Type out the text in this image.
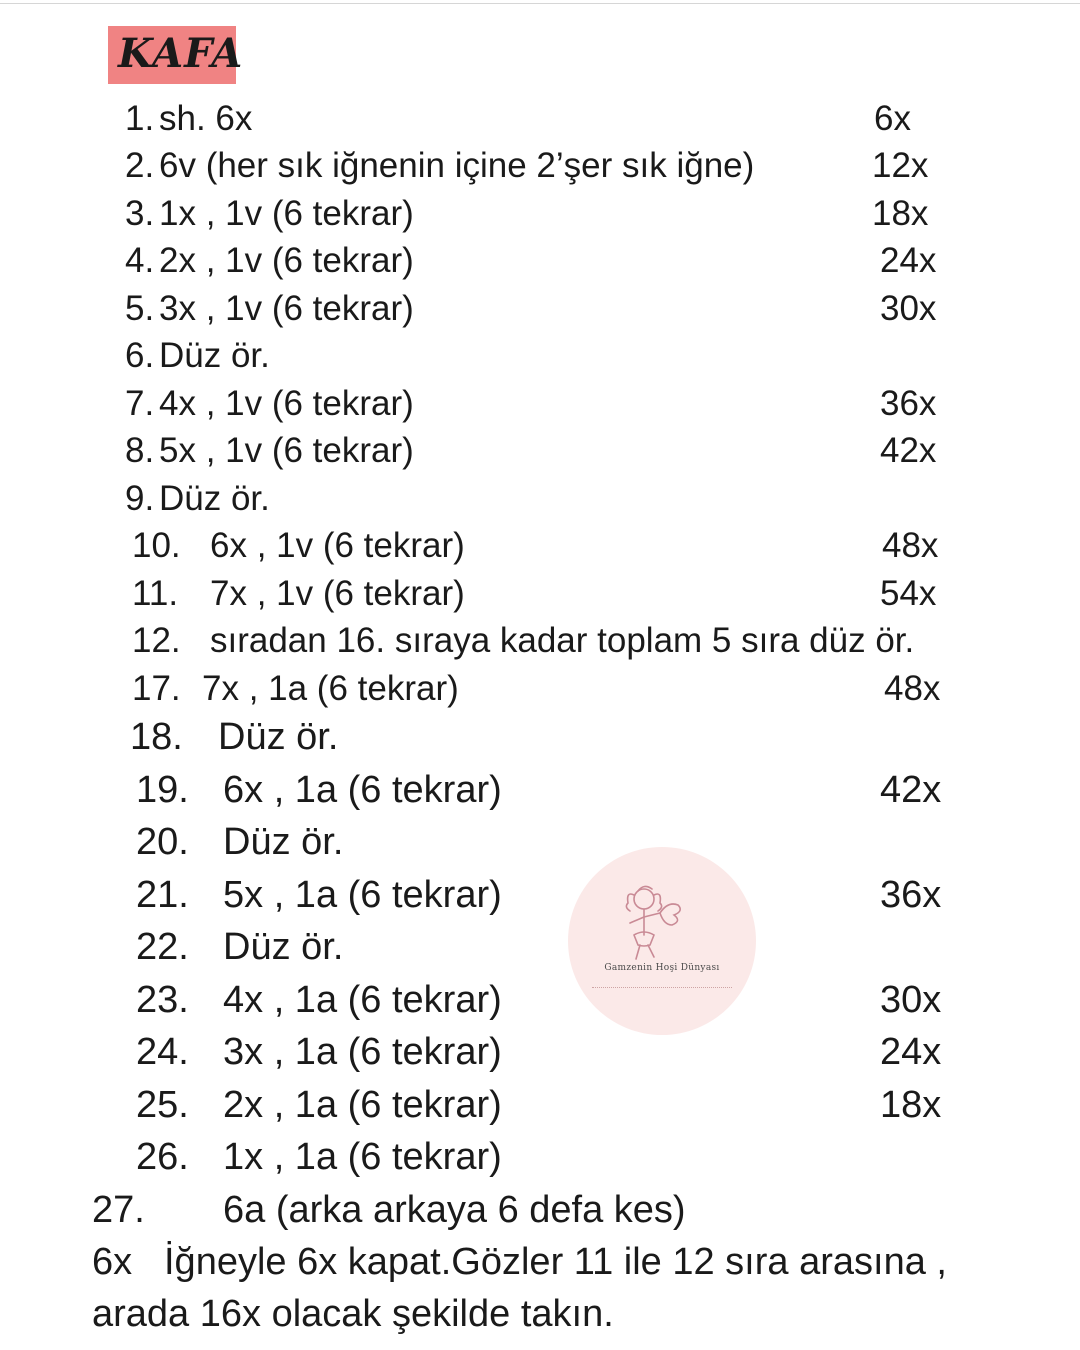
KAFA
1. sh. 6x	6x
2. 6v (her sık iğnenin içine 2’şer sık iğne)	12x
3. 1x , 1v (6 tekrar)	18x
4. 2x , 1v (6 tekrar)	24x
5. 3x , 1v (6 tekrar)	30x
6. Düz ör.
7. 4x , 1v (6 tekrar)	36x
8. 5x , 1v (6 tekrar)	42x
9. Düz ör.
10. 6x , 1v (6 tekrar)	48x
11. 7x , 1v (6 tekrar)	54x
12. sıradan 16. sıraya kadar toplam 5 sıra düz ör.
17. 7x , 1a (6 tekrar)	48x
18. Düz ör.
19. 6x , 1a (6 tekrar)	42x
20. Düz ör.
21. 5x , 1a (6 tekrar)	36x
22. Düz ör.
23. 4x , 1a (6 tekrar)	30x
24. 3x , 1a (6 tekrar)	24x
25. 2x , 1a (6 tekrar)	18x
26. 1x , 1a (6 tekrar)
27. 6a (arka arkaya 6 defa kes)
6x İğneyle 6x kapat.Gözler 11 ile 12 sıra arasına ,
arada 16x olacak şekilde takın.
Gamzenin Hoşi Dünyası
